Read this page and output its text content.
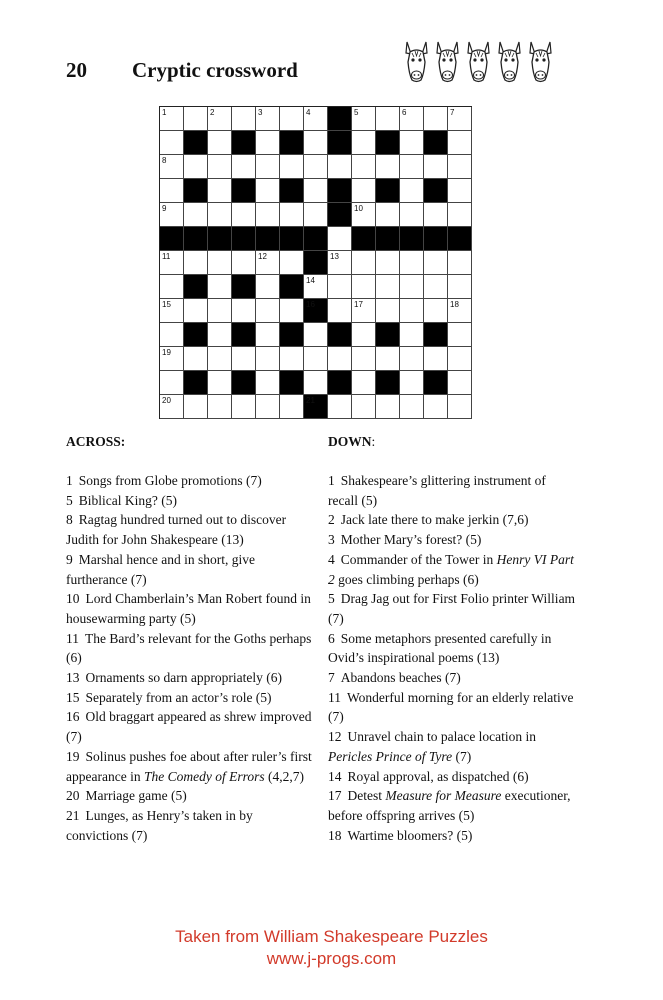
20 Cryptic crossword
1	2	3	4	5	6	7
8
9	10
11	12	13
14
15	16	17	18
19
20	21
ACROSS:	DOWN:

1 Songs from Globe promotions (7)

5 Biblical King? (5)

8 Ragtag hundred turned out to discover Judith for John Shakespeare (13)

9 Marshal hence and in short, give furtherance (7)

10 Lord Chamberlain’s Man Robert found in housewarming party (5)

11 The Bard’s relevant for the Goths perhaps (6)

13 Ornaments so darn appropriately (6)

15 Separately from an actor’s role (5)

16 Old braggart appeared as shrew improved (7)

19 Solinus pushes foe about after ruler’s first appearance in The Comedy of Errors (4,2,7)

20 Marriage game (5)

21 Lunges, as Henry’s taken in by convictions (7)

1 Shakespeare’s glittering instrument of recall (5)

2 Jack late there to make jerkin (7,6)

3 Mother Mary’s forest? (5)

4 Commander of the Tower in Henry VI Part 2 goes climbing perhaps (6)

5 Drag Jag out for First Folio printer William (7)

6 Some metaphors presented carefully in Ovid’s inspirational poems (13)

7 Abandons beaches (7)

11 Wonderful morning for an elderly relative (7)

12 Unravel chain to palace location in Pericles Prince of Tyre (7)

14 Royal approval, as dispatched (6)

17 Detest Measure for Measure executioner, before offspring arrives (5)

18 Wartime bloomers? (5)

Taken from William Shakespeare Puzzles
www.j-progs.com
